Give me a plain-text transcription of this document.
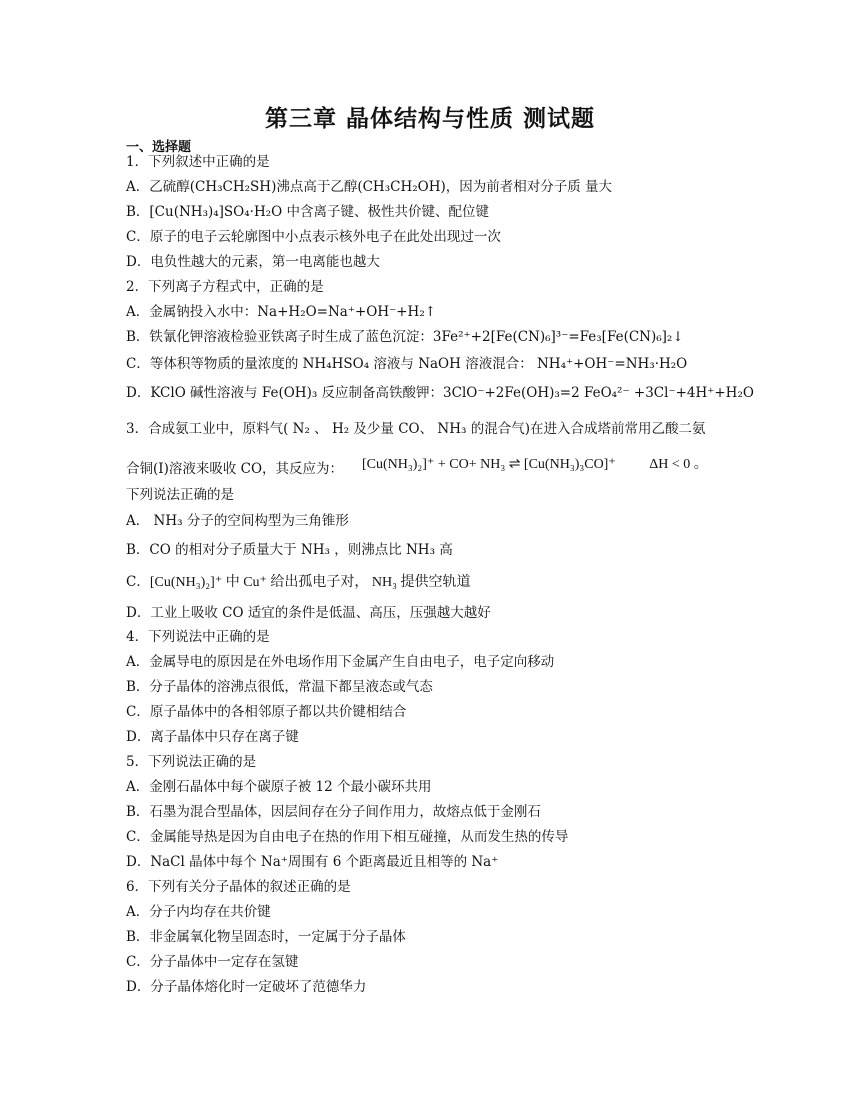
第三章 晶体结构与性质 测试题
一、选择题
1．下列叙述中正确的是
A．乙硫醇(CH₃CH₂SH)沸点高于乙醇(CH₃CH₂OH)，因为前者相对分子质 量大
B．[Cu(NH₃)₄]SO₄·H₂O 中含离子键、极性共价键、配位键
C．原子的电子云轮廓图中小点表示核外电子在此处出现过一次
D．电负性越大的元素，第一电离能也越大
2．下列离子方程式中，正确的是
A．金属钠投入水中：Na+H₂O=Na⁺+OH⁻+H₂↑
B．铁氰化钾溶液检验亚铁离子时生成了蓝色沉淀：3Fe²⁺+2[Fe(CN)₆]³⁻=Fe₃[Fe(CN)₆]₂↓
C．等体积等物质的量浓度的 NH₄HSO₄ 溶液与 NaOH 溶液混合： NH₄⁺+OH⁻=NH₃·H₂O
D．KClO 碱性溶液与 Fe(OH)₃ 反应制备高铁酸钾：3ClO⁻+2Fe(OH)₃=2 FeO₄²⁻ +3Cl⁻+4H⁺+H₂O
3．合成氨工业中，原料气( N₂ 、 H₂ 及少量 CO、 NH₃ 的混合气)在进入合成塔前常用乙酸二氨
合铜(I)溶液来吸收 CO，其反应为： [Cu(NH₃)₂]⁺ + CO+ NH₃ ⇌ [Cu(NH₃)₃CO]⁺ ΔH < 0 。
下列说法正确的是
A． NH₃ 分子的空间构型为三角锥形
B．CO 的相对分子质量大于 NH₃ ，则沸点比 NH₃ 高
C．[Cu(NH₃)₂]⁺ 中 Cu⁺ 给出孤电子对， NH₃ 提供空轨道
D．工业上吸收 CO 适宜的条件是低温、高压，压强越大越好
4．下列说法中正确的是
A．金属导电的原因是在外电场作用下金属产生自由电子，电子定向移动
B．分子晶体的溶沸点很低，常温下都呈液态或气态
C．原子晶体中的各相邻原子都以共价键相结合
D．离子晶体中只存在离子键
5．下列说法正确的是
A．金刚石晶体中每个碳原子被 12 个最小碳环共用
B．石墨为混合型晶体，因层间存在分子间作用力，故熔点低于金刚石
C．金属能导热是因为自由电子在热的作用下相互碰撞，从而发生热的传导
D．NaCl 晶体中每个 Na⁺周围有 6 个距离最近且相等的 Na⁺
6．下列有关分子晶体的叙述正确的是
A．分子内均存在共价键
B．非金属氧化物呈固态时，一定属于分子晶体
C．分子晶体中一定存在氢键
D．分子晶体熔化时一定破坏了范德华力
